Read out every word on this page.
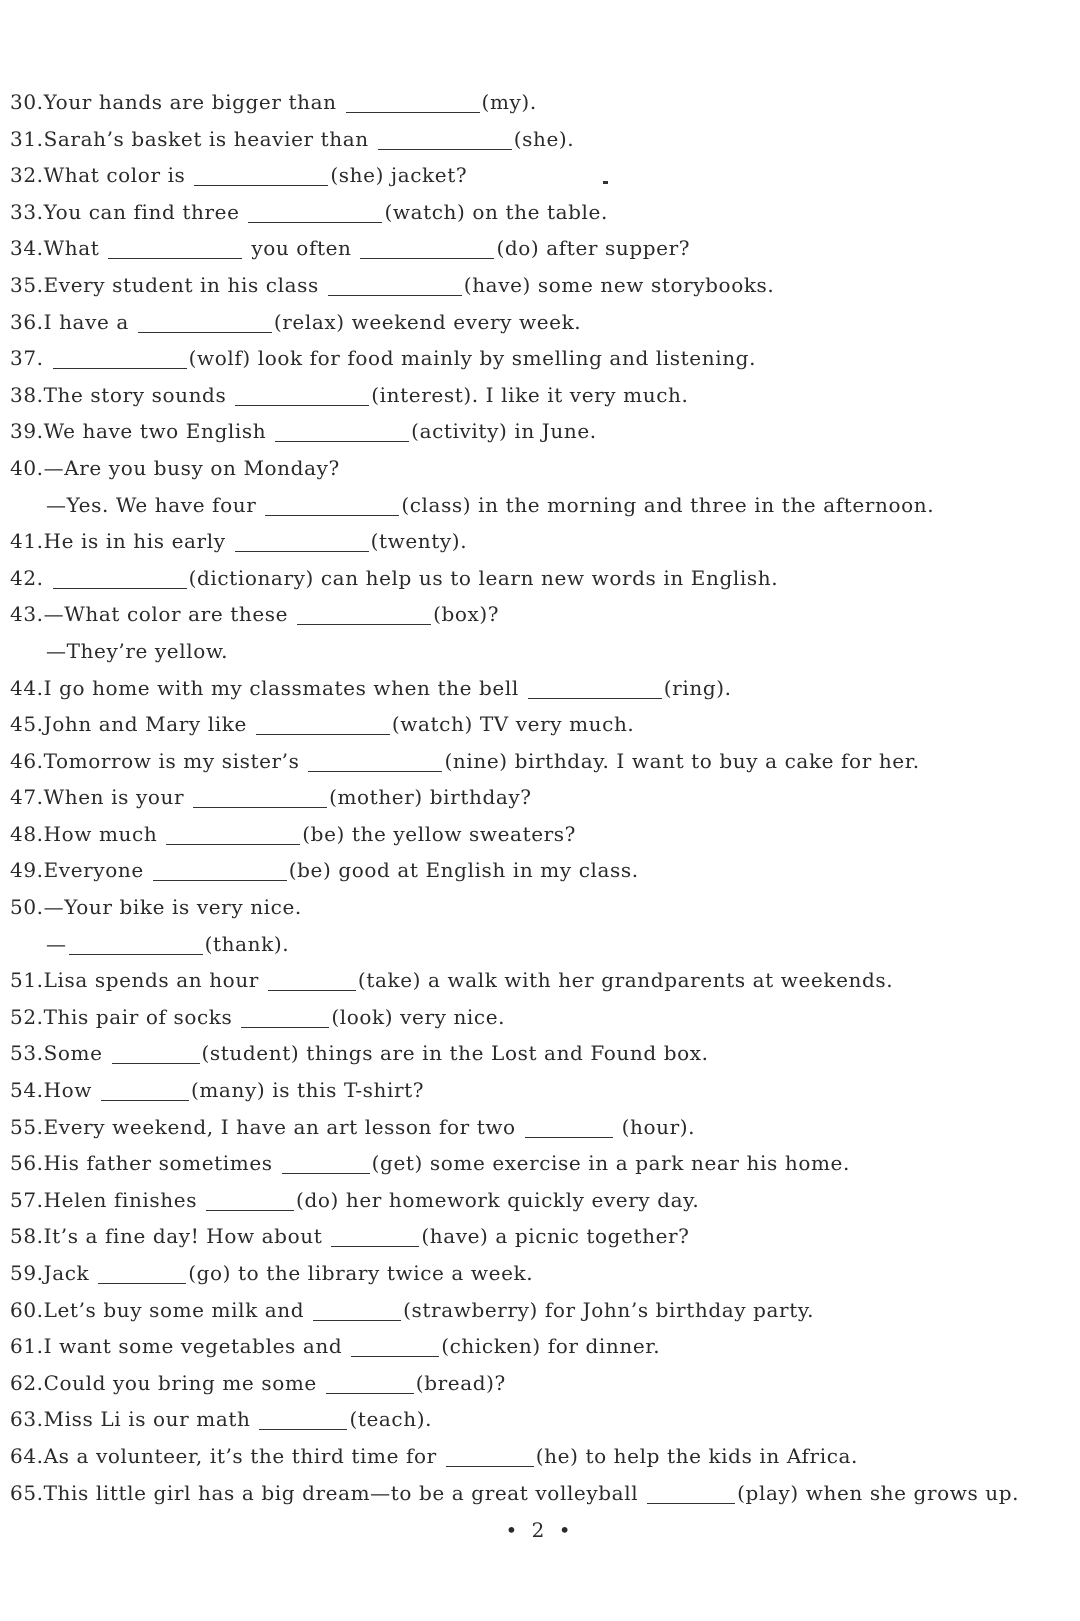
30.Your hands are bigger than	(my).
31.Sarah’s basket is heavier than	(she).
32.What color is	(she) jacket?
33.You can find three	(watch) on the table.
34.What	you often	(do) after supper?
35.Every student in his class	(have) some new storybooks.
36.I have a	(relax) weekend every week.
37.	(wolf) look for food mainly by smelling and listening.
38.The story sounds	(interest). I like it very much.
39.We have two English	(activity) in June.
40.—Are you busy on Monday?
—Yes. We have four	(class) in the morning and three in the afternoon.
41.He is in his early	(twenty).
42.	(dictionary) can help us to learn new words in English.
43.—What color are these	(box)?
—They’re yellow.
44.I go home with my classmates when the bell	(ring).
45.John and Mary like	(watch) TV very much.
46.Tomorrow is my sister’s	(nine) birthday. I want to buy a cake for her.
47.When is your	(mother) birthday?
48.How much	(be) the yellow sweaters?
49.Everyone	(be) good at English in my class.
50.—Your bike is very nice.
—	(thank).
51.Lisa spends an hour	(take) a walk with her grandparents at weekends.
52.This pair of socks	(look) very nice.
53.Some	(student) things are in the Lost and Found box.
54.How	(many) is this T-shirt?
55.Every weekend, I have an art lesson for two	(hour).
56.His father sometimes	(get) some exercise in a park near his home.
57.Helen finishes	(do) her homework quickly every day.
58.It’s a fine day! How about	(have) a picnic together?
59.Jack	(go) to the library twice a week.
60.Let’s buy some milk and	(strawberry) for John’s birthday party.
61.I want some vegetables and	(chicken) for dinner.
62.Could you bring me some	(bread)?
63.Miss Li is our math	(teach).
64.As a volunteer, it’s the third time for	(he) to help the kids in Africa.
65.This little girl has a big dream—to be a great volleyball	(play) when she grows up.
• 2 •
